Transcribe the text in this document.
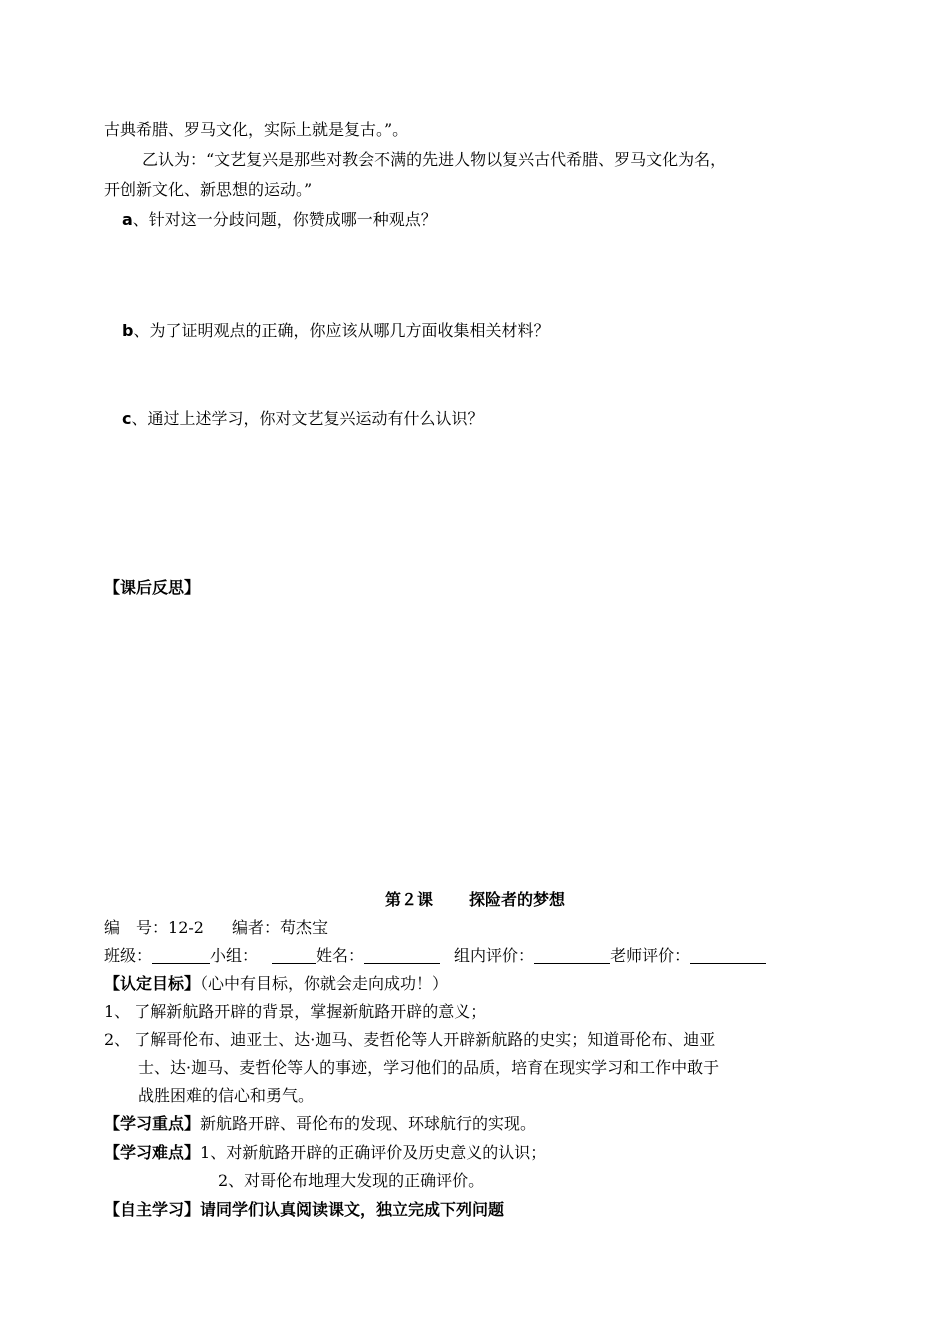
古典希腊、罗马文化，实际上就是复古。”。
乙认为：“文艺复兴是那些对教会不满的先进人物以复兴古代希腊、罗马文化为名，
开创新文化、新思想的运动。”
a、针对这一分歧问题，你赞成哪一种观点？
b、为了证明观点的正确，你应该从哪几方面收集相关材料？
c、通过上述学习，你对文艺复兴运动有什么认识？
【课后反思】
第２课 探险者的梦想
编　号：12-2 编者：苟杰宝
班级：	小组：	姓名：	组内评价：	老师评价：
【认定目标】（心中有目标，你就会走向成功！）
1、 了解新航路开辟的背景，掌握新航路开辟的意义；
2、 了解哥伦布、迪亚士、达·迦马、麦哲伦等人开辟新航路的史实；知道哥伦布、迪亚
士、达·迦马、麦哲伦等人的事迹，学习他们的品质，培育在现实学习和工作中敢于
战胜困难的信心和勇气。
【学习重点】新航路开辟、哥伦布的发现、环球航行的实现。
【学习难点】1、对新航路开辟的正确评价及历史意义的认识；
2、对哥伦布地理大发现的正确评价。
【自主学习】请同学们认真阅读课文，独立完成下列问题
